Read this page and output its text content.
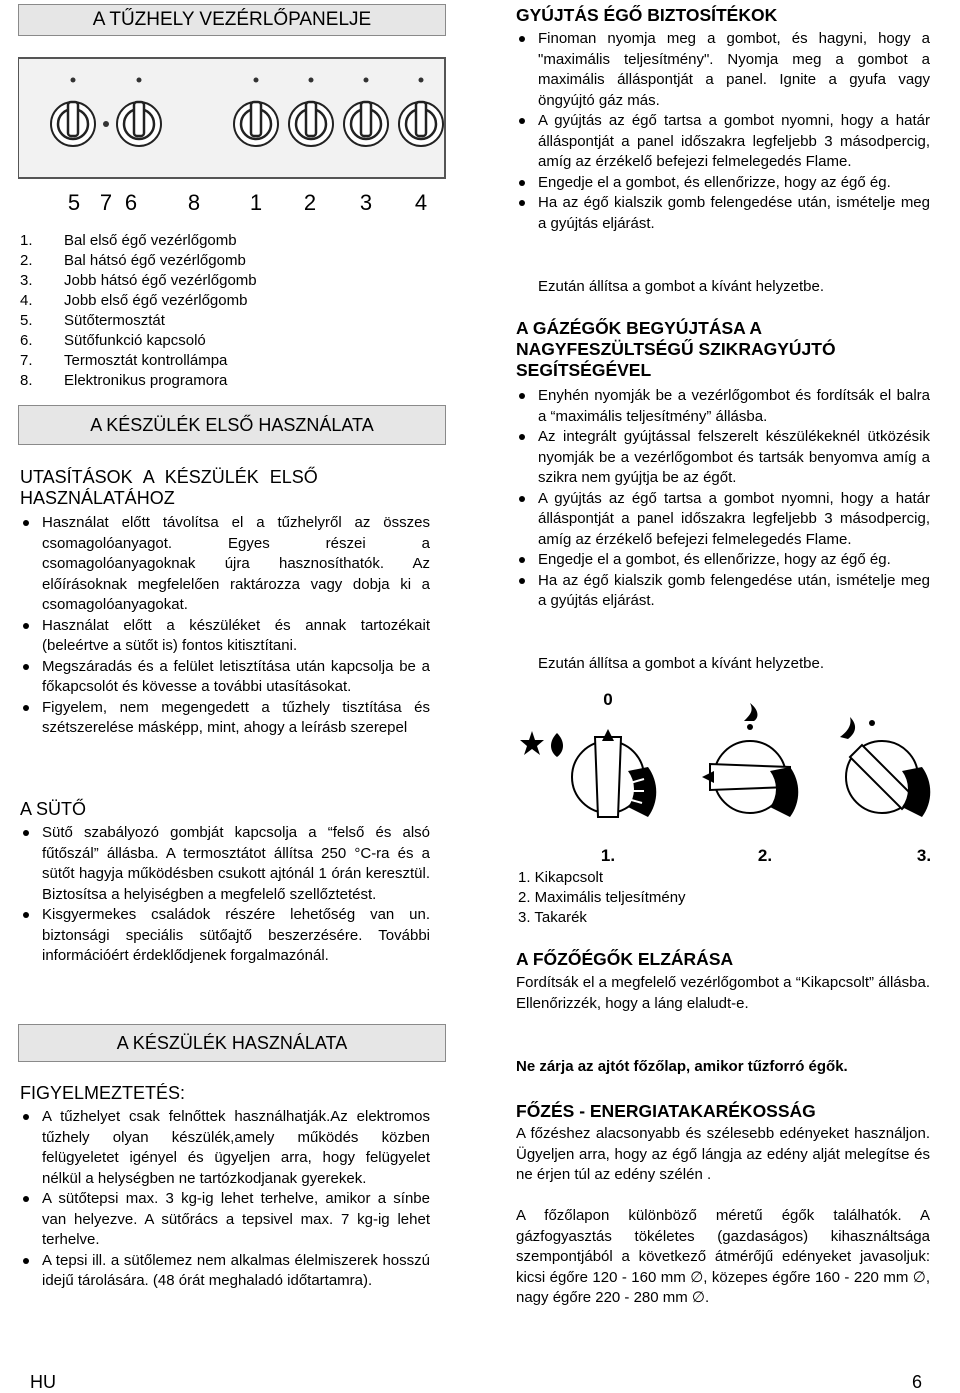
A TŰZHELY VEZÉRLŐPANELJE
5 7 6 8 1 2 3 4
1.	Bal első égő vezérlőgomb
2.	Bal hátsó égő vezérlőgomb
3.	Jobb hátsó égő vezérlőgomb
4.	Jobb első égő vezérlőgomb
5.	Sütőtermosztát
6.	Sütőfunkció kapcsoló
7.	Termosztát kontrollámpa
8.	Elektronikus programora
A KÉSZÜLÉK ELSŐ HASZNÁLATA
UTASÍTÁSOK A KÉSZÜLÉK ELSŐ
HASZNÁLATÁHOZ
Használat előtt távolítsa el a tűzhelyről az összes csomagolóanyagot. Egyes részei a csomagolóanyagoknak újra hasznosíthatók. Az előírásoknak megfelelően raktározza vagy dobja ki a csomagolóanyagokat.
Használat előtt a készüléket és annak tartozékait (beleértve a sütőt is) fontos kitisztítani.
Megszáradás és a felület letisztítása után kapcsolja be a főkapcsolót és kövesse a további utasításokat.
Figyelem, nem megengedett a tűzhely tisztítása és szétszerelése másképp, mint, ahogy a leírásb szerepel
A SÜTŐ
Sütő szabályozó gombját kapcsolja a “felső és alsó fűtőszál” állásba. A termosztátot állítsa 250 °C-ra és a sütőt hagyja működésben csukott ajtónál 1 órán keresztül. Biztosítsa a helyiségben a megfelelő szellőztetést.
Kisgyermekes családok részére lehetőség van un. biztonsági speciális sütőajtő beszerzésére. További információért érdeklődjenek forgalmazónál.
A KÉSZÜLÉK HASZNÁLATA
FIGYELMEZTETÉS:
A tűzhelyet csak felnőttek használhatják.Az elektromos tűzhely olyan készülék,amely működés közben felügyeletet igényel és ügyeljen arra, hogy felügyelet nélkül a helységben ne tartózkodjanak gyerekek.
A sütőtepsi max. 3 kg-ig lehet terhelve, amikor a sínbe van helyezve. A sütőrács a tepsivel max. 7 kg-ig lehet terhelve.
A tepsi ill. a sütőlemez nem alkalmas élelmiszerek hosszú idejű tárolására. (48 órát meghaladó időtartamra).
GYÚJTÁS ÉGŐ BIZTOSÍTÉKOK
Finoman nyomja meg a gombot, és hagyni, hogy a "maximális teljesítmény". Nyomja meg a gombot a maximális álláspontját a panel. Ignite a gyufa vagy öngyújtó gáz más.
A gyújtás az égő tartsa a gombot nyomni, hogy a határ álláspontját a panel időszakra legfeljebb 3 másodpercig, amíg az érzékelő befejezi felmelegedés Flame.
Engedje el a gombot, és ellenőrizze, hogy az égő ég.
Ha az égő kialszik gomb felengedése után, ismételje meg a gyújtás eljárást.
Ezután állítsa a gombot a kívánt helyzetbe.
A GÁZÉGŐK BEGYÚJTÁSA A
NAGYFESZÜLTSÉGŰ SZIKRAGYÚJTÓ
SEGÍTSÉGÉVEL
Enyhén nyomják be a vezérlőgombot és fordítsák el balra a “maximális teljesítmény” állásba.
Az integrált gyújtással felszerelt készülékeknél ütközésik nyomják be a vezérlőgombot és tartsák benyomva amíg a szikra nem gyújtja be az égőt.
A gyújtás az égő tartsa a gombot nyomni, hogy a határ álláspontját a panel időszakra legfeljebb 3 másodpercig, amíg az érzékelő befejezi felmelegedés Flame.
Engedje el a gombot, és ellenőrizze, hogy az égő ég.
Ha az égő kialszik gomb felengedése után, ismételje meg a gyújtás eljárást.
Ezután állítsa a gombot a kívánt helyzetbe.
0
1.	2.	3.
1. Kikapcsolt
2. Maximális teljesítmény
3. Takarék
A FŐZŐÉGŐK ELZÁRÁSA
Fordítsák el a megfelelő vezérlőgombot a “Kikapcsolt” állásba. Ellenőrizzék, hogy a láng elaludt-e.
Ne zárja az ajtót főzőlap, amikor tűzforró égők.
FŐZÉS - ENERGIATAKARÉKOSSÁG
A főzéshez alacsonyabb és szélesebb edényeket használjon. Ügyeljen arra, hogy az égő lángja az edény alját melegítse és ne érjen túl az edény szélén .
A főzőlapon különböző méretű égők találhatók. A gázfogyasztás tökéletes (gazdaságos) kihasználtsága szempontjából a következő átmérőjű edényeket javasoljuk: kicsi égőre 120 - 160 mm ∅, közepes égőre 160 - 220 mm ∅, nagy égőre 220 - 280 mm ∅.
HU	6
